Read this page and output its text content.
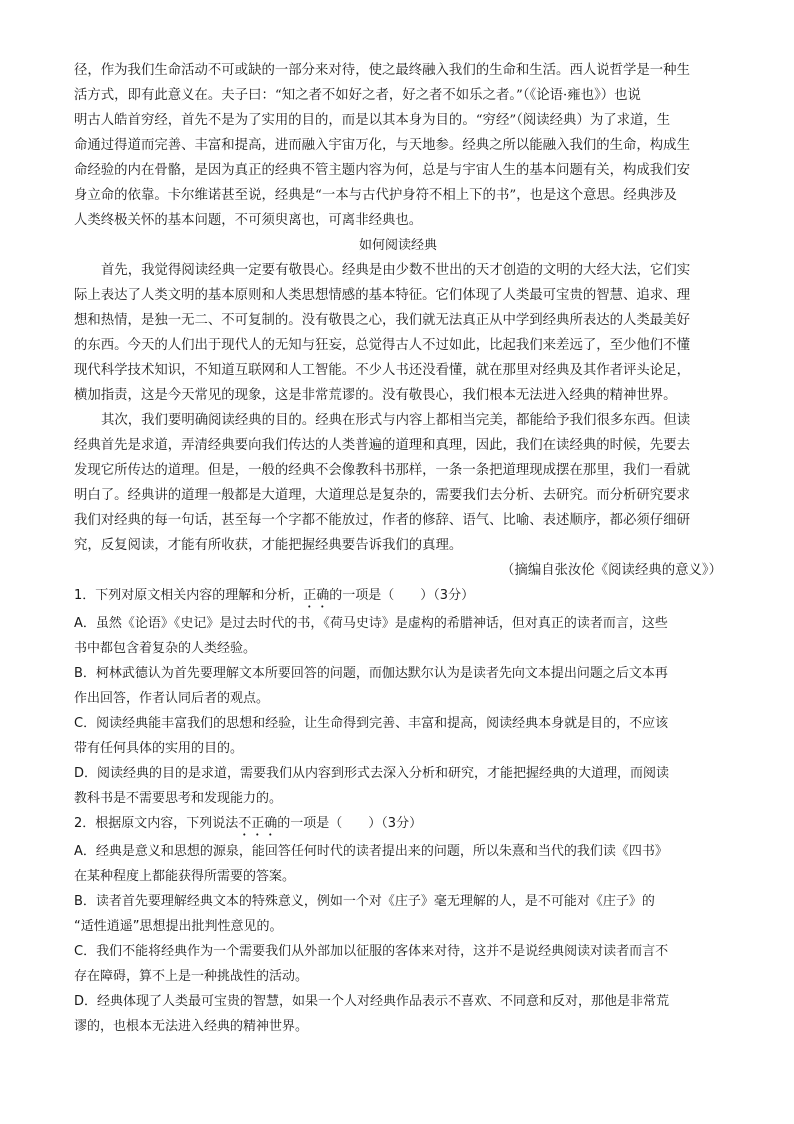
径，作为我们生命活动不可或缺的一部分来对待，使之最终融入我们的生命和生活。西人说哲学是一种生
活方式，即有此意义在。夫子曰：“知之者不如好之者，好之者不如乐之者。”（《论语·雍也》）也说
明古人皓首穷经，首先不是为了实用的目的，而是以其本身为目的。“穷经”（阅读经典）为了求道，生
命通过得道而完善、丰富和提高，进而融入宇宙万化，与天地参。经典之所以能融入我们的生命，构成生
命经验的内在骨骼，是因为真正的经典不管主题内容为何，总是与宇宙人生的基本问题有关，构成我们安
身立命的依靠。卡尔维诺甚至说，经典是“一本与古代护身符不相上下的书”，也是这个意思。经典涉及
人类终极关怀的基本问题，不可须臾离也，可离非经典也。
如何阅读经典
首先，我觉得阅读经典一定要有敬畏心。经典是由少数不世出的天才创造的文明的大经大法，它们实
际上表达了人类文明的基本原则和人类思想情感的基本特征。它们体现了人类最可宝贵的智慧、追求、理
想和热情，是独一无二、不可复制的。没有敬畏之心，我们就无法真正从中学到经典所表达的人类最美好
的东西。今天的人们出于现代人的无知与狂妄，总觉得古人不过如此，比起我们来差远了，至少他们不懂
现代科学技术知识，不知道互联网和人工智能。不少人书还没看懂，就在那里对经典及其作者评头论足，
横加指责，这是今天常见的现象，这是非常荒谬的。没有敬畏心，我们根本无法进入经典的精神世界。
其次，我们要明确阅读经典的目的。经典在形式与内容上都相当完美，都能给予我们很多东西。但读
经典首先是求道，弄清经典要向我们传达的人类普遍的道理和真理，因此，我们在读经典的时候，先要去
发现它所传达的道理。但是，一般的经典不会像教科书那样，一条一条把道理现成摆在那里，我们一看就
明白了。经典讲的道理一般都是大道理，大道理总是复杂的，需要我们去分析、去研究。而分析研究要求
我们对经典的每一句话，甚至每一个字都不能放过，作者的修辞、语气、比喻、表述顺序，都必须仔细研
究，反复阅读，才能有所收获，才能把握经典要告诉我们的真理。
（摘编自张汝伦《阅读经典的意义》）
1．下列对原文相关内容的理解和分析，正确的一项是（　　）（3分）
A．虽然《论语》《史记》是过去时代的书，《荷马史诗》是虚构的希腊神话，但对真正的读者而言，这些
书中都包含着复杂的人类经验。
B．柯林武德认为首先要理解文本所要回答的问题，而伽达默尔认为是读者先向文本提出问题之后文本再
作出回答，作者认同后者的观点。
C．阅读经典能丰富我们的思想和经验，让生命得到完善、丰富和提高，阅读经典本身就是目的，不应该
带有任何具体的实用的目的。
D．阅读经典的目的是求道，需要我们从内容到形式去深入分析和研究，才能把握经典的大道理，而阅读
教科书是不需要思考和发现能力的。
2．根据原文内容，下列说法不正确的一项是（　　）（3分）
A．经典是意义和思想的源泉，能回答任何时代的读者提出来的问题，所以朱熹和当代的我们读《四书》
在某种程度上都能获得所需要的答案。
B．读者首先要理解经典文本的特殊意义，例如一个对《庄子》毫无理解的人，是不可能对《庄子》的
“适性逍遥”思想提出批判性意见的。
C．我们不能将经典作为一个需要我们从外部加以征服的客体来对待，这并不是说经典阅读对读者而言不
存在障碍，算不上是一种挑战性的活动。
D．经典体现了人类最可宝贵的智慧，如果一个人对经典作品表示不喜欢、不同意和反对，那他是非常荒
谬的，也根本无法进入经典的精神世界。
